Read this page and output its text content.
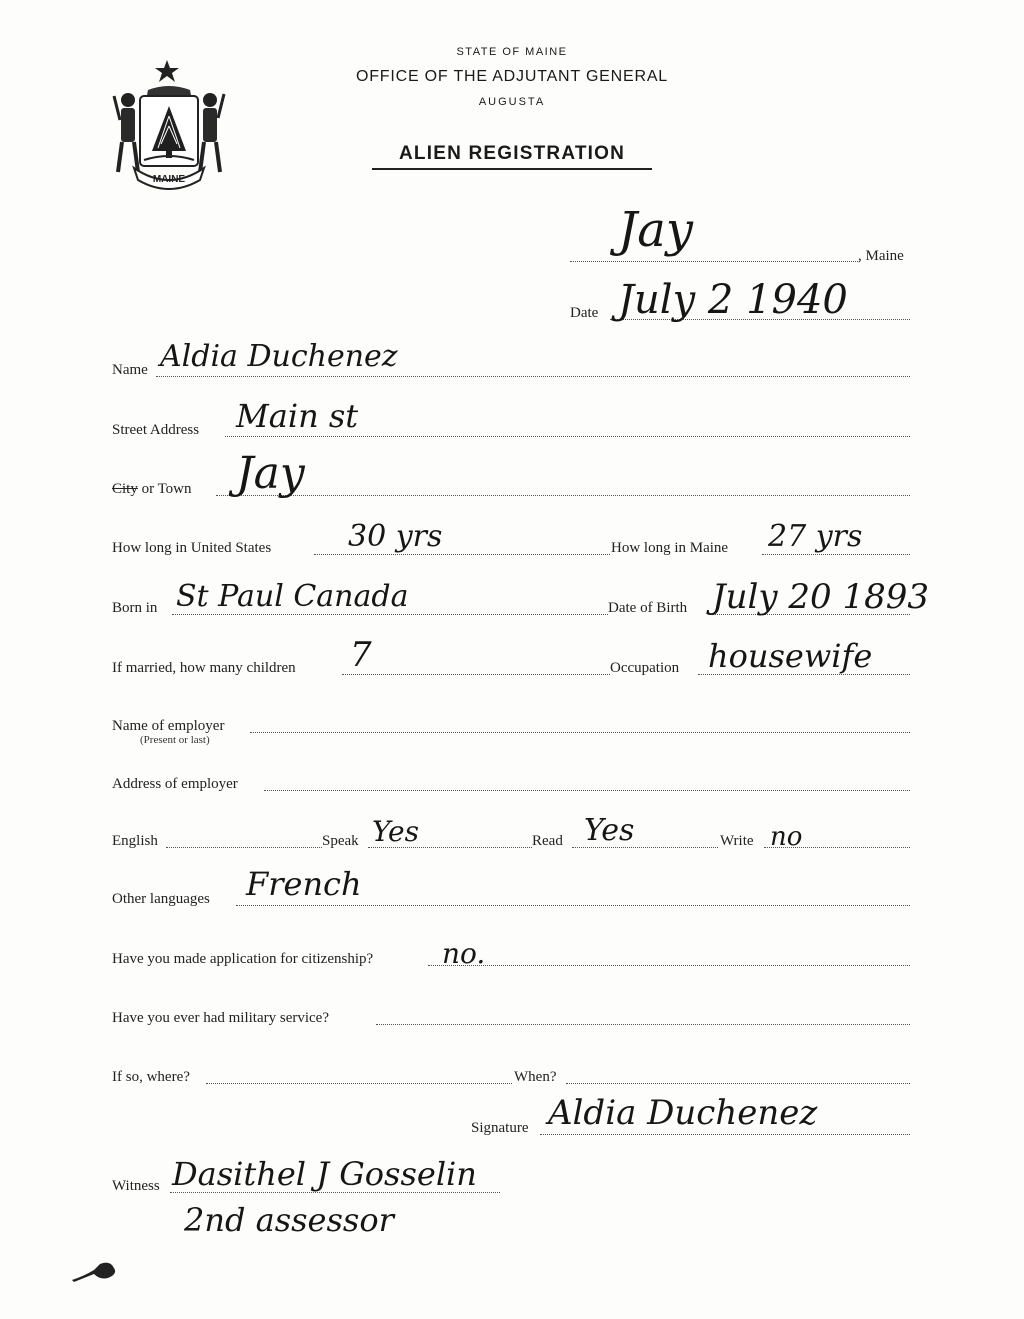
MAINE
STATE OF MAINE
OFFICE OF THE ADJUTANT GENERAL
AUGUSTA
ALIEN REGISTRATION
, Maine
Jay
Date July 2 1940
Name Aldia Duchenez
Street Address Main st
City or Town Jay
How long in United States	30 yrs	How long in Maine 27 yrs
Born in St Paul Canada	Date of Birth July 20 1893
If married, how many children 7	Occupation housewife
Name of employer
(Present or last)
Address of employer
English	Speak Yes	Read Yes	Write no
Other languages French
Have you made application for citizenship? no.
Have you ever had military service?
If so, where?	When?
Signature Aldia Duchenez
Witness Dasithel J Gosselin
2nd assessor
